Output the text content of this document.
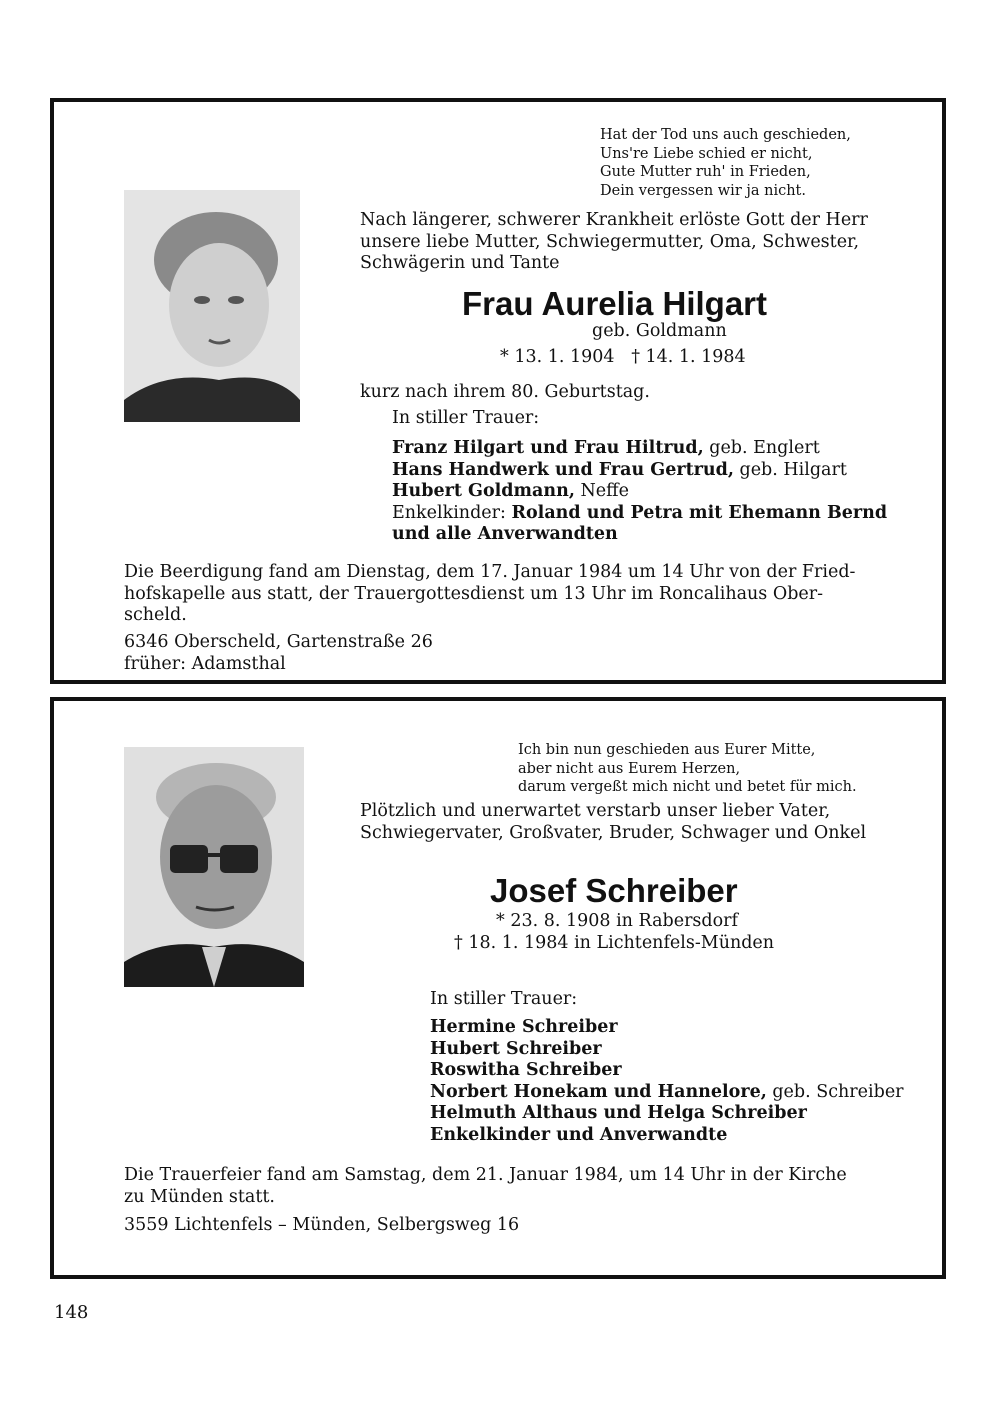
Hat der Tod uns auch geschieden,
Uns're Liebe schied er nicht,
Gute Mutter ruh' in Frieden,
Dein vergessen wir ja nicht.
Nach längerer, schwerer Krankheit erlöste Gott der Herr
unsere liebe Mutter, Schwiegermutter, Oma, Schwester,
Schwägerin und Tante
Frau Aurelia Hilgart
geb. Goldmann
* 13. 1. 1904   † 14. 1. 1984
kurz nach ihrem 80. Geburtstag.
In stiller Trauer:
Franz Hilgart und Frau Hiltrud, geb. Englert
Hans Handwerk und Frau Gertrud, geb. Hilgart
Hubert Goldmann, Neffe
Enkelkinder: Roland und Petra mit Ehemann Bernd
und alle Anverwandten
Die Beerdigung fand am Dienstag, dem 17. Januar 1984 um 14 Uhr von der Fried-
hofskapelle aus statt, der Trauergottesdienst um 13 Uhr im Roncalihaus Ober-
scheld.
6346 Oberscheld, Gartenstraße 26
früher: Adamsthal
Ich bin nun geschieden aus Eurer Mitte,
aber nicht aus Eurem Herzen,
darum vergeßt mich nicht und betet für mich.
Plötzlich und unerwartet verstarb unser lieber Vater,
Schwiegervater, Großvater, Bruder, Schwager und Onkel
Josef Schreiber
* 23. 8. 1908 in Rabersdorf
† 18. 1. 1984 in Lichtenfels-Münden
In stiller Trauer:
Hermine Schreiber
Hubert Schreiber
Roswitha Schreiber
Norbert Honekam und Hannelore, geb. Schreiber
Helmuth Althaus und Helga Schreiber
Enkelkinder und Anverwandte
Die Trauerfeier fand am Samstag, dem 21. Januar 1984, um 14 Uhr in der Kirche
zu Münden statt.
3559 Lichtenfels – Münden, Selbergsweg 16
148
